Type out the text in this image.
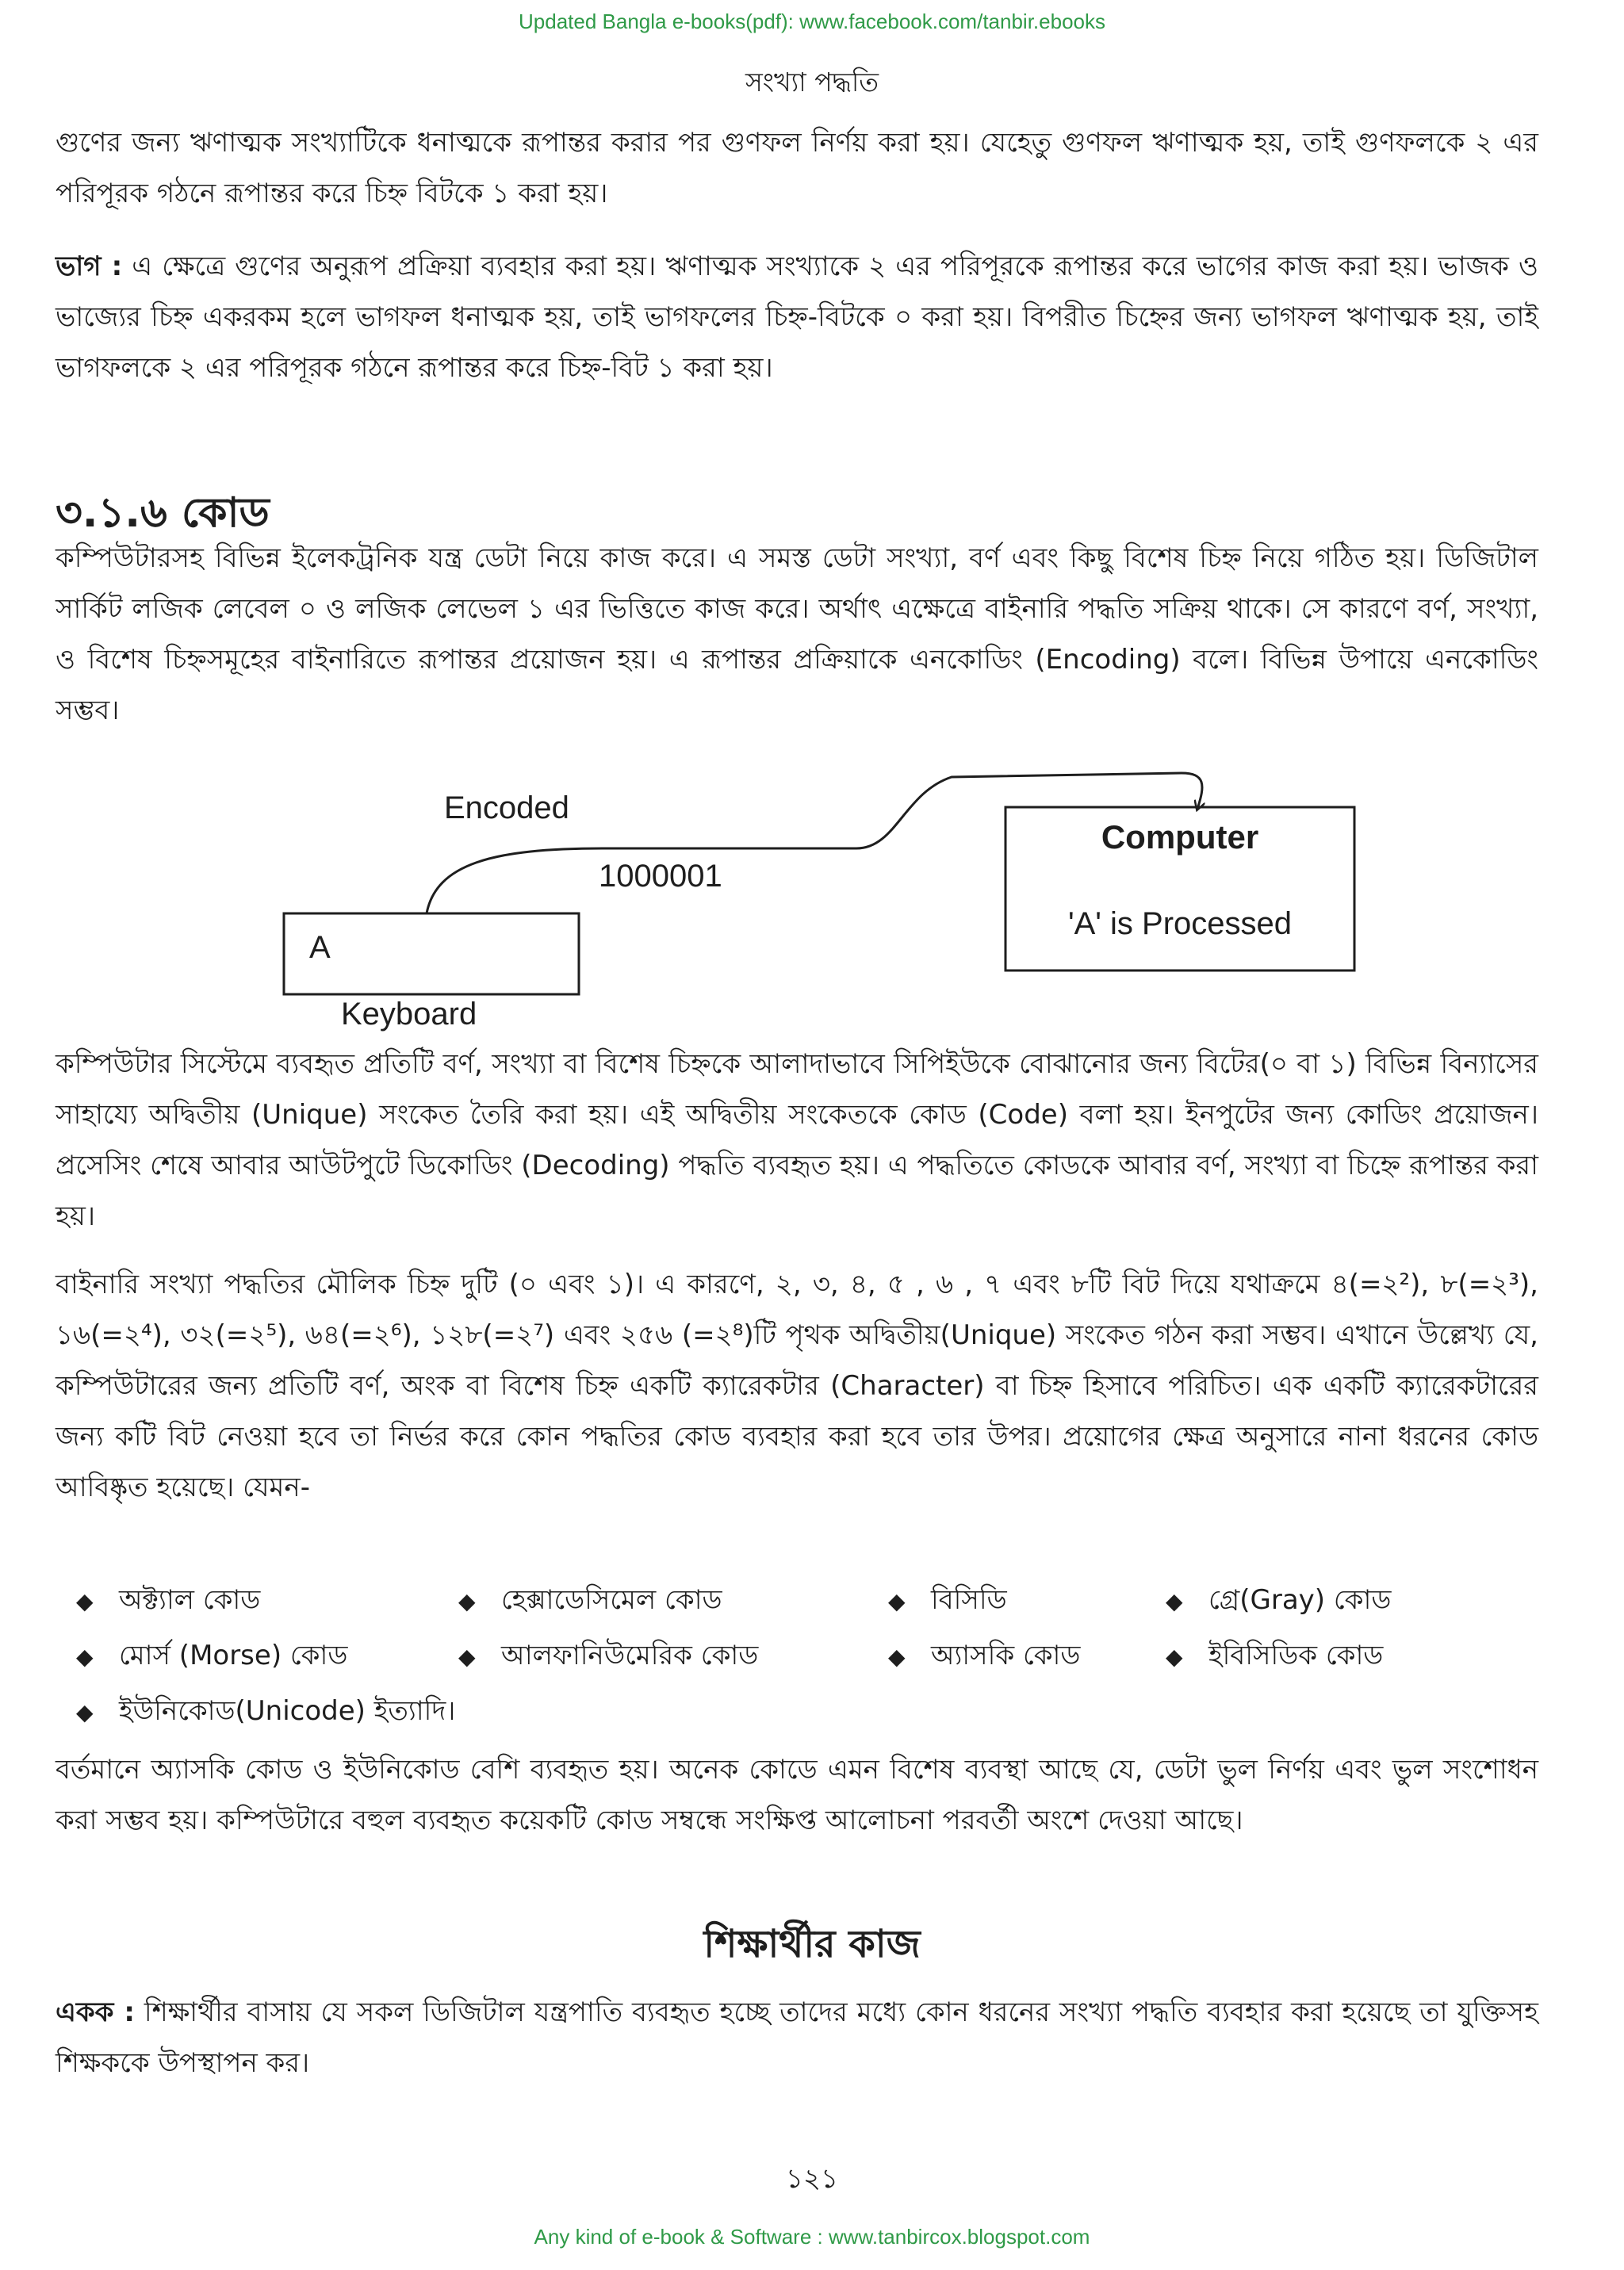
Updated Bangla e-books(pdf): www.facebook.com/tanbir.ebooks
সংখ্যা পদ্ধতি

গুণের জন্য ঋণাত্মক সংখ্যাটিকে ধনাত্মকে রূপান্তর করার পর গুণফল নির্ণয় করা হয়। যেহেতু গুণফল ঋণাত্মক হয়, তাই গুণফলকে ২ এর পরিপূরক গঠনে রূপান্তর করে চিহ্ন বিটকে ১ করা হয়।

ভাগ : এ ক্ষেত্রে গুণের অনুরূপ প্রক্রিয়া ব্যবহার করা হয়। ঋণাত্মক সংখ্যাকে ২ এর পরিপূরকে রূপান্তর করে ভাগের কাজ করা হয়। ভাজক ও ভাজ্যের চিহ্ন একরকম হলে ভাগফল ধনাত্মক হয়, তাই ভাগফলের চিহ্ন-বিটকে ০ করা হয়। বিপরীত চিহ্নের জন্য ভাগফল ঋণাত্মক হয়, তাই ভাগফলকে ২ এর পরিপূরক গঠনে রূপান্তর করে চিহ্ন-বিট ১ করা হয়।

৩.১.৬ কোড

কম্পিউটারসহ বিভিন্ন ইলেকট্রনিক যন্ত্র ডেটা নিয়ে কাজ করে। এ সমস্ত ডেটা সংখ্যা, বর্ণ এবং কিছু বিশেষ চিহ্ন নিয়ে গঠিত হয়। ডিজিটাল সার্কিট লজিক লেবেল ০ ও লজিক লেভেল ১ এর ভিত্তিতে কাজ করে। অর্থাৎ এক্ষেত্রে বাইনারি পদ্ধতি সক্রিয় থাকে। সে কারণে বর্ণ, সংখ্যা, ও বিশেষ চিহ্নসমূহের বাইনারিতে রূপান্তর প্রয়োজন হয়। এ রূপান্তর প্রক্রিয়াকে এনকোডিং (Encoding) বলে। বিভিন্ন উপায়ে এনকোডিং সম্ভব।

Encoded
1000001
A
Keyboard
Computer
'A' is Processed

কম্পিউটার সিস্টেমে ব্যবহৃত প্রতিটি বর্ণ, সংখ্যা বা বিশেষ চিহ্নকে আলাদাভাবে সিপিইউকে বোঝানোর জন্য বিটের(০ বা ১) বিভিন্ন বিন্যাসের সাহায্যে অদ্বিতীয় (Unique) সংকেত তৈরি করা হয়। এই অদ্বিতীয় সংকেতকে কোড (Code) বলা হয়। ইনপুটের জন্য কোডিং প্রয়োজন। প্রসেসিং শেষে আবার আউটপুটে ডিকোডিং (Decoding) পদ্ধতি ব্যবহৃত হয়। এ পদ্ধতিতে কোডকে আবার বর্ণ, সংখ্যা বা চিহ্নে রূপান্তর করা হয়।

বাইনারি সংখ্যা পদ্ধতির মৌলিক চিহ্ন দুটি (০ এবং ১)। এ কারণে, ২, ৩, ৪, ৫ , ৬ , ৭ এবং ৮টি বিট দিয়ে যথাক্রমে ৪(=২²), ৮(=২³), ১৬(=২⁴), ৩২(=২⁵), ৬৪(=২⁶), ১২৮(=২⁷) এবং ২৫৬ (=২⁸)টি পৃথক অদ্বিতীয়(Unique) সংকেত গঠন করা সম্ভব। এখানে উল্লেখ্য যে, কম্পিউটারের জন্য প্রতিটি বর্ণ, অংক বা বিশেষ চিহ্ন একটি ক্যারেকটার (Character) বা চিহ্ন হিসাবে পরিচিত। এক একটি ক্যারেকটারের জন্য কটি বিট নেওয়া হবে তা নির্ভর করে কোন পদ্ধতির কোড ব্যবহার করা হবে তার উপর। প্রয়োগের ক্ষেত্র অনুসারে নানা ধরনের কোড আবিষ্কৃত হয়েছে। যেমন-

◆ অক্ট্যাল কোড	◆ হেক্সাডেসিমেল কোড	◆ বিসিডি	◆ গ্রে(Gray) কোড
◆ মোর্স (Morse) কোড	◆ আলফানিউমেরিক কোড	◆ অ্যাসকি কোড	◆ ইবিসিডিক কোড
◆ ইউনিকোড(Unicode) ইত্যাদি।

বর্তমানে অ্যাসকি কোড ও ইউনিকোড বেশি ব্যবহৃত হয়। অনেক কোডে এমন বিশেষ ব্যবস্থা আছে যে, ডেটা ভুল নির্ণয় এবং ভুল সংশোধন করা সম্ভব হয়। কম্পিউটারে বহুল ব্যবহৃত কয়েকটি কোড সম্বন্ধে সংক্ষিপ্ত আলোচনা পরবর্তী অংশে দেওয়া আছে।

শিক্ষার্থীর কাজ

একক : শিক্ষার্থীর বাসায় যে সকল ডিজিটাল যন্ত্রপাতি ব্যবহৃত হচ্ছে তাদের মধ্যে কোন ধরনের সংখ্যা পদ্ধতি ব্যবহার করা হয়েছে তা যুক্তিসহ শিক্ষককে উপস্থাপন কর।

১২১
Any kind of e-book & Software : www.tanbircox.blogspot.com
